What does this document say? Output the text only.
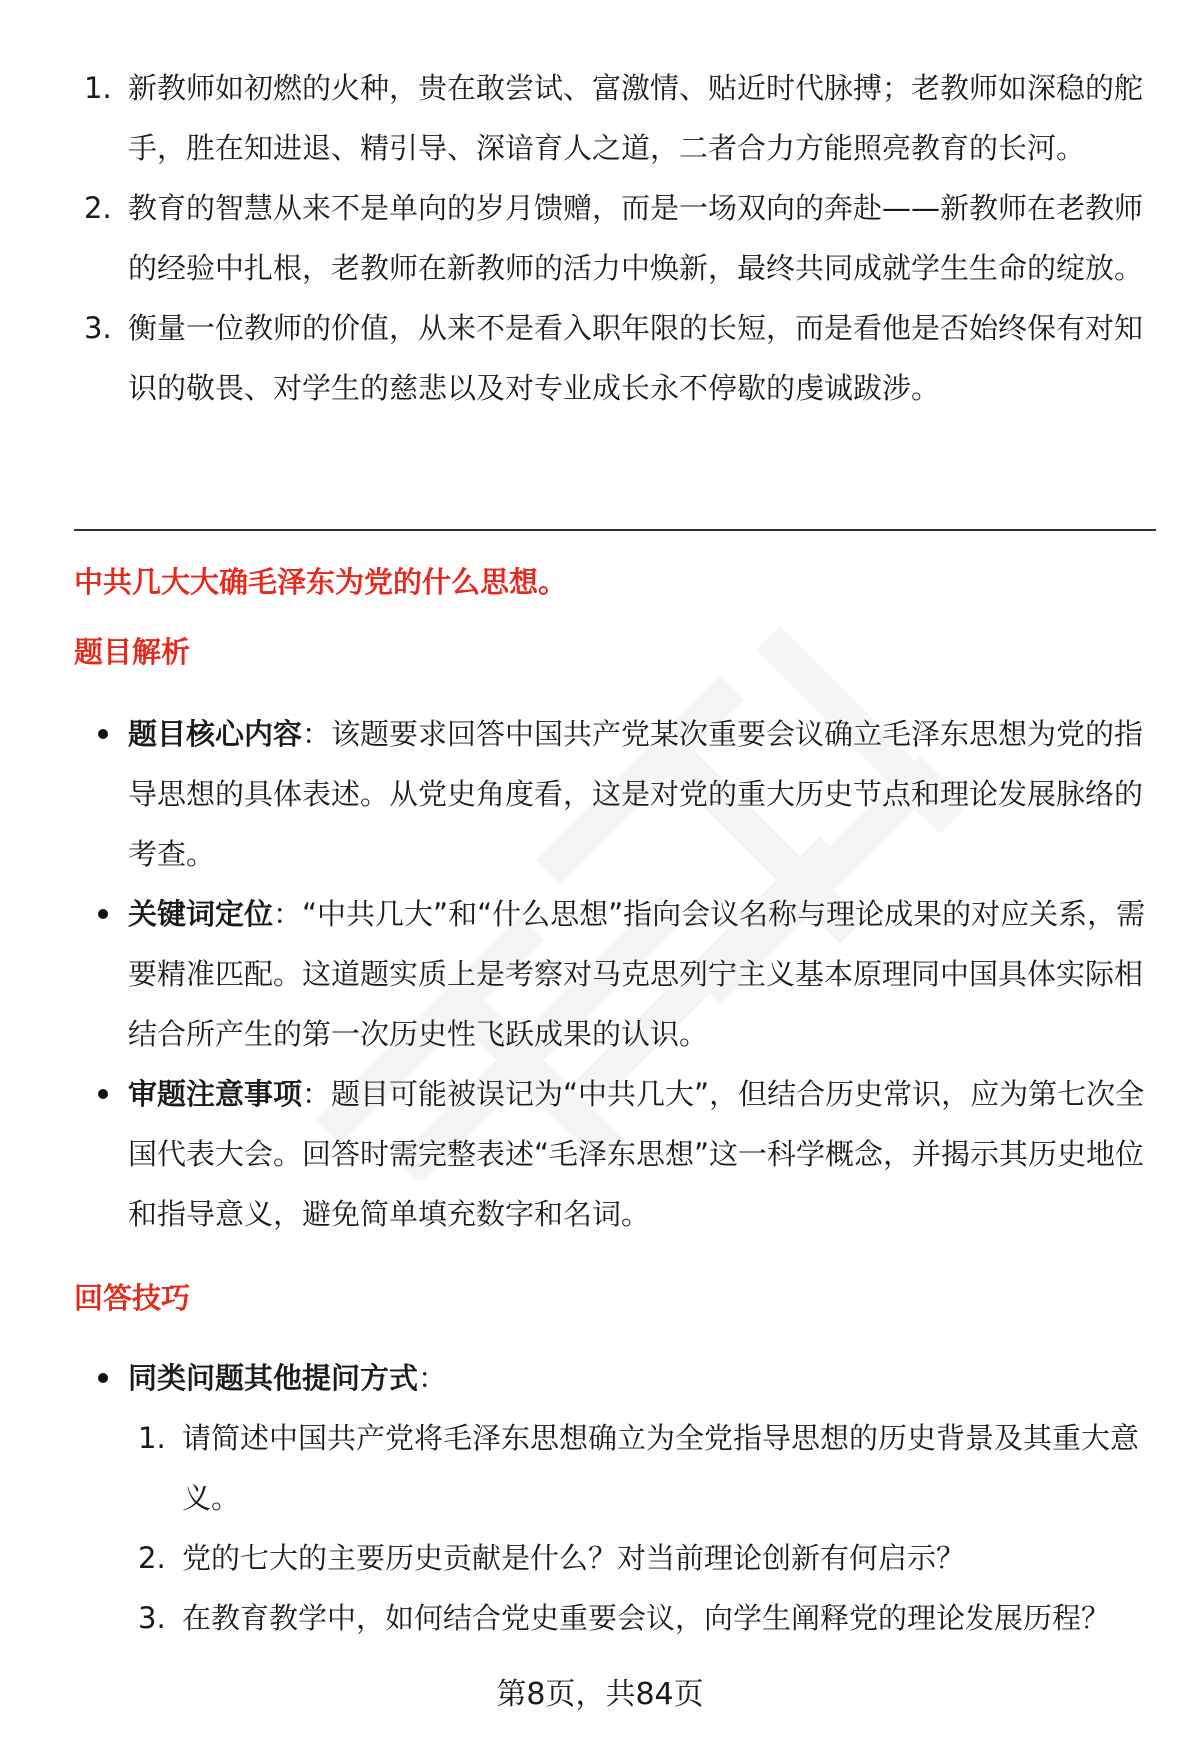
1. 新教师如初燃的火种，贵在敢尝试、富激情、贴近时代脉搏；老教师如深稳的舵手，胜在知进退、精引导、深谙育人之道，二者合力方能照亮教育的长河。
2. 教育的智慧从来不是单向的岁月馈赠，而是一场双向的奔赴——新教师在老教师的经验中扎根，老教师在新教师的活力中焕新，最终共同成就学生生命的绽放。
3. 衡量一位教师的价值，从来不是看入职年限的长短，而是看他是否始终保有对知识的敬畏、对学生的慈悲以及对专业成长永不停歇的虔诚跋涉。
中共几大大确毛泽东为党的什么思想。
题目解析
题目核心内容：该题要求回答中国共产党某次重要会议确立毛泽东思想为党的指导思想的具体表述。从党史角度看，这是对党的重大历史节点和理论发展脉络的考查。
关键词定位：“中共几大”和“什么思想”指向会议名称与理论成果的对应关系，需要精准匹配。这道题实质上是考察对马克思列宁主义基本原理同中国具体实际相结合所产生的第一次历史性飞跃成果的认识。
审题注意事项：题目可能被误记为“中共几大”，但结合历史常识，应为第七次全国代表大会。回答时需完整表述“毛泽东思想”这一科学概念，并揭示其历史地位和指导意义，避免简单填充数字和名词。
回答技巧
同类问题其他提问方式：
1. 请简述中国共产党将毛泽东思想确立为全党指导思想的历史背景及其重大意义。
2. 党的七大的主要历史贡献是什么？对当前理论创新有何启示？
3. 在教育教学中，如何结合党史重要会议，向学生阐释党的理论发展历程？
第8页，共84页
